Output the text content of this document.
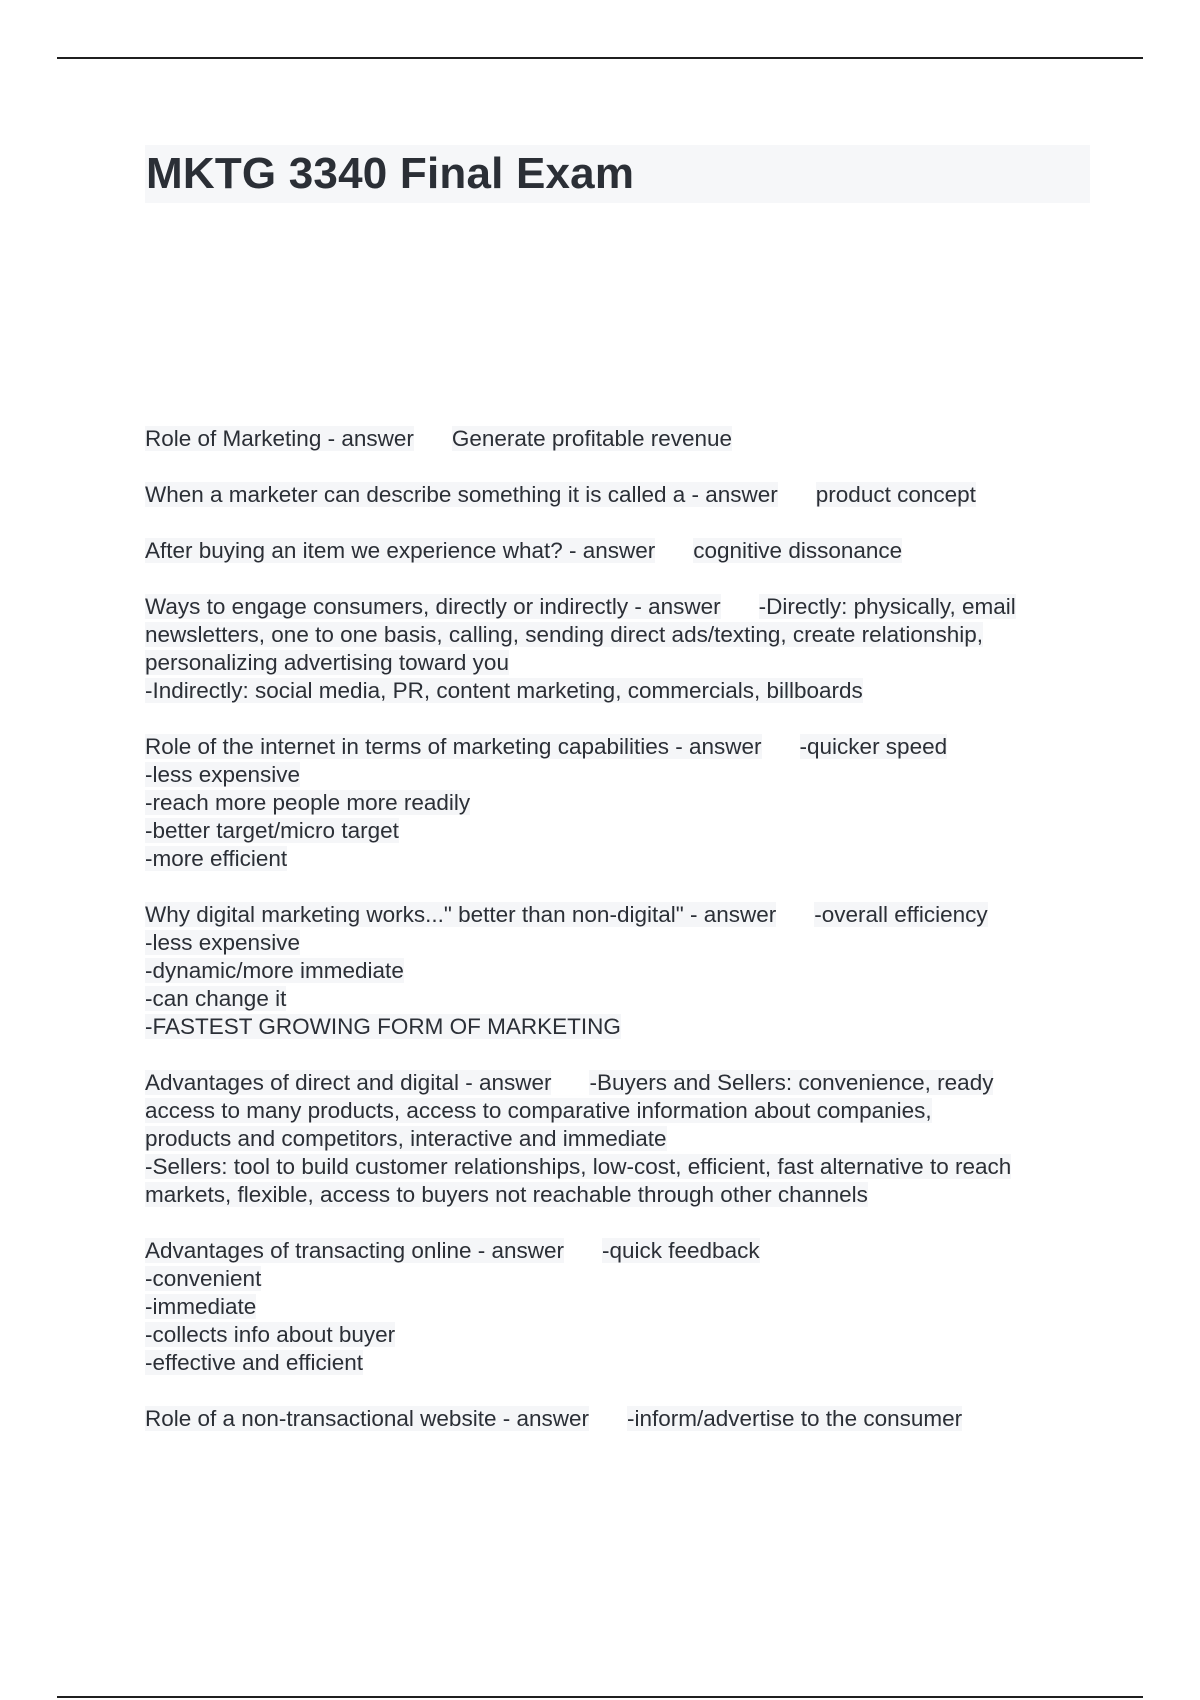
MKTG 3340 Final Exam
Role of Marketing - answer Generate profitable revenue
When a marketer can describe something it is called a - answer product concept
After buying an item we experience what? - answer cognitive dissonance
Ways to engage consumers, directly or indirectly - answer -Directly: physically, email
newsletters, one to one basis, calling, sending direct ads/texting, create relationship,
personalizing advertising toward you
-Indirectly: social media, PR, content marketing, commercials, billboards
Role of the internet in terms of marketing capabilities - answer -quicker speed
-less expensive
-reach more people more readily
-better target/micro target
-more efficient
Why digital marketing works..." better than non-digital" - answer -overall efficiency
-less expensive
-dynamic/more immediate
-can change it
-FASTEST GROWING FORM OF MARKETING
Advantages of direct and digital - answer -Buyers and Sellers: convenience, ready
access to many products, access to comparative information about companies,
products and competitors, interactive and immediate
-Sellers: tool to build customer relationships, low-cost, efficient, fast alternative to reach
markets, flexible, access to buyers not reachable through other channels
Advantages of transacting online - answer -quick feedback
-convenient
-immediate
-collects info about buyer
-effective and efficient
Role of a non-transactional website - answer -inform/advertise to the consumer
